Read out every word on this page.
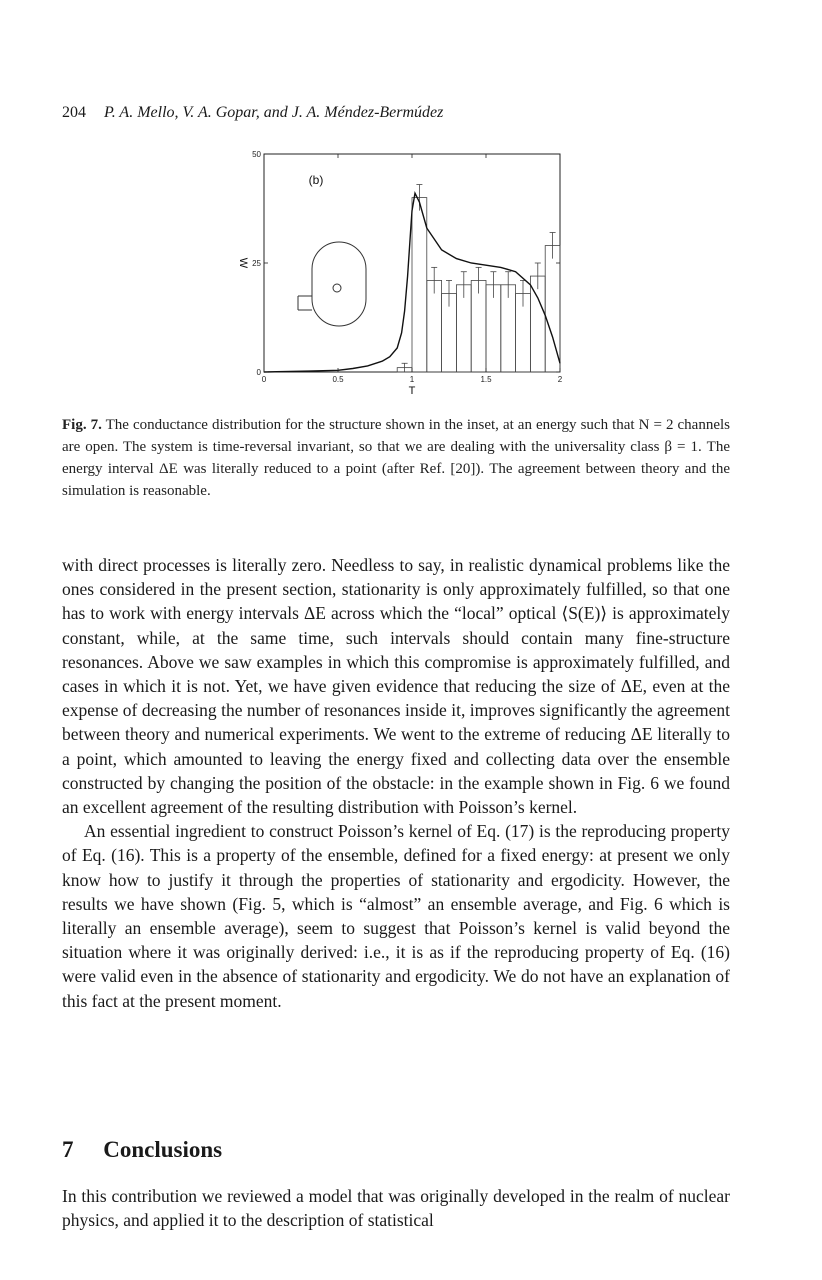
204 P. A. Mello, V. A. Gopar, and J. A. Méndez-Bermúdez
0	0.5	1	1.5	2
0
25
50
T
W
(b)
Fig. 7. The conductance distribution for the structure shown in the inset, at an energy such that N = 2 channels are open. The system is time-reversal invariant, so that we are dealing with the universality class β = 1. The energy interval ΔE was literally reduced to a point (after Ref. [20]). The agreement between theory and the simulation is reasonable.

with direct processes is literally zero. Needless to say, in realistic dynamical problems like the ones considered in the present section, stationarity is only approximately fulfilled, so that one has to work with energy intervals ΔE across which the “local” optical ⟨S(E)⟩ is approximately constant, while, at the same time, such intervals should contain many fine-structure resonances. Above we saw examples in which this compromise is approximately fulfilled, and cases in which it is not. Yet, we have given evidence that reducing the size of ΔE, even at the expense of decreasing the number of resonances inside it, improves significantly the agreement between theory and numerical experiments. We went to the extreme of reducing ΔE literally to a point, which amounted to leaving the energy fixed and collecting data over the ensemble constructed by changing the position of the obstacle: in the example shown in Fig. 6 we found an excellent agreement of the resulting distribution with Poisson’s kernel.

An essential ingredient to construct Poisson’s kernel of Eq. (17) is the reproducing property of Eq. (16). This is a property of the ensemble, defined for a fixed energy: at present we only know how to justify it through the properties of stationarity and ergodicity. However, the results we have shown (Fig. 5, which is “almost” an ensemble average, and Fig. 6 which is literally an ensemble average), seem to suggest that Poisson’s kernel is valid beyond the situation where it was originally derived: i.e., it is as if the reproducing property of Eq. (16) were valid even in the absence of stationarity and ergodicity. We do not have an explanation of this fact at the present moment.

7 Conclusions

In this contribution we reviewed a model that was originally developed in the realm of nuclear physics, and applied it to the description of statistical
